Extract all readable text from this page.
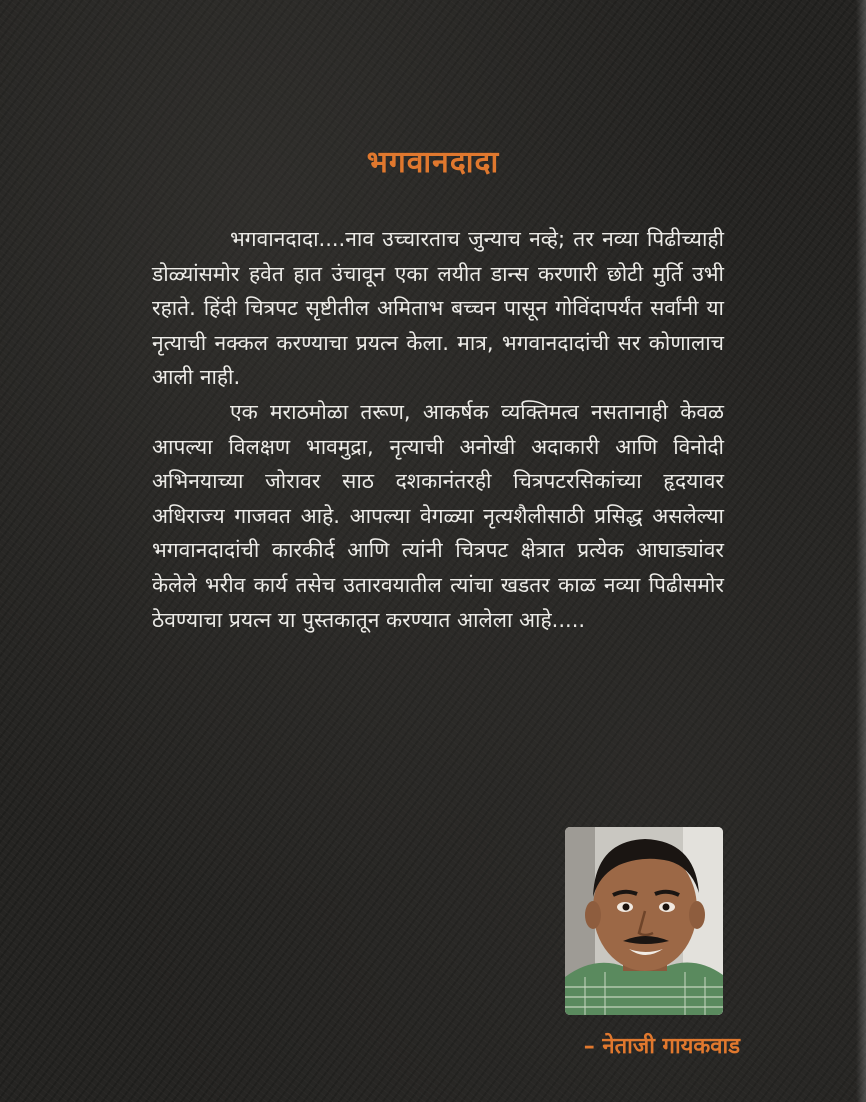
भगवानदादा

भगवानदादा....नाव उच्चारताच जुन्याच नव्हे; तर नव्या पिढीच्याही डोळ्यांसमोर हवेत हात उंचावून एका लयीत डान्स करणारी छोटी मुर्ति उभी रहाते. हिंदी चित्रपट सृष्टीतील अमिताभ बच्चन पासून गोविंदापर्यंत सर्वांनी या नृत्याची नक्कल करण्याचा प्रयत्न केला. मात्र, भगवानदादांची सर कोणालाच आली नाही.

एक मराठमोळा तरूण, आकर्षक व्यक्तिमत्व नसतानाही केवळ आपल्या विलक्षण भावमुद्रा, नृत्याची अनोखी अदाकारी आणि विनोदी अभिनयाच्या जोरावर साठ दशकानंतरही चित्रपटरसिकांच्या हृदयावर अधिराज्य गाजवत आहे. आपल्या वेगळ्या नृत्यशैलीसाठी प्रसिद्ध असलेल्या भगवानदादांची कारकीर्द आणि त्यांनी चित्रपट क्षेत्रात प्रत्येक आघाड्यांवर केलेले भरीव कार्य तसेच उतारवयातील त्यांचा खडतर काळ नव्या पिढीसमोर ठेवण्याचा प्रयत्न या पुस्तकातून करण्यात आलेला आहे.....

– नेताजी गायकवाड
